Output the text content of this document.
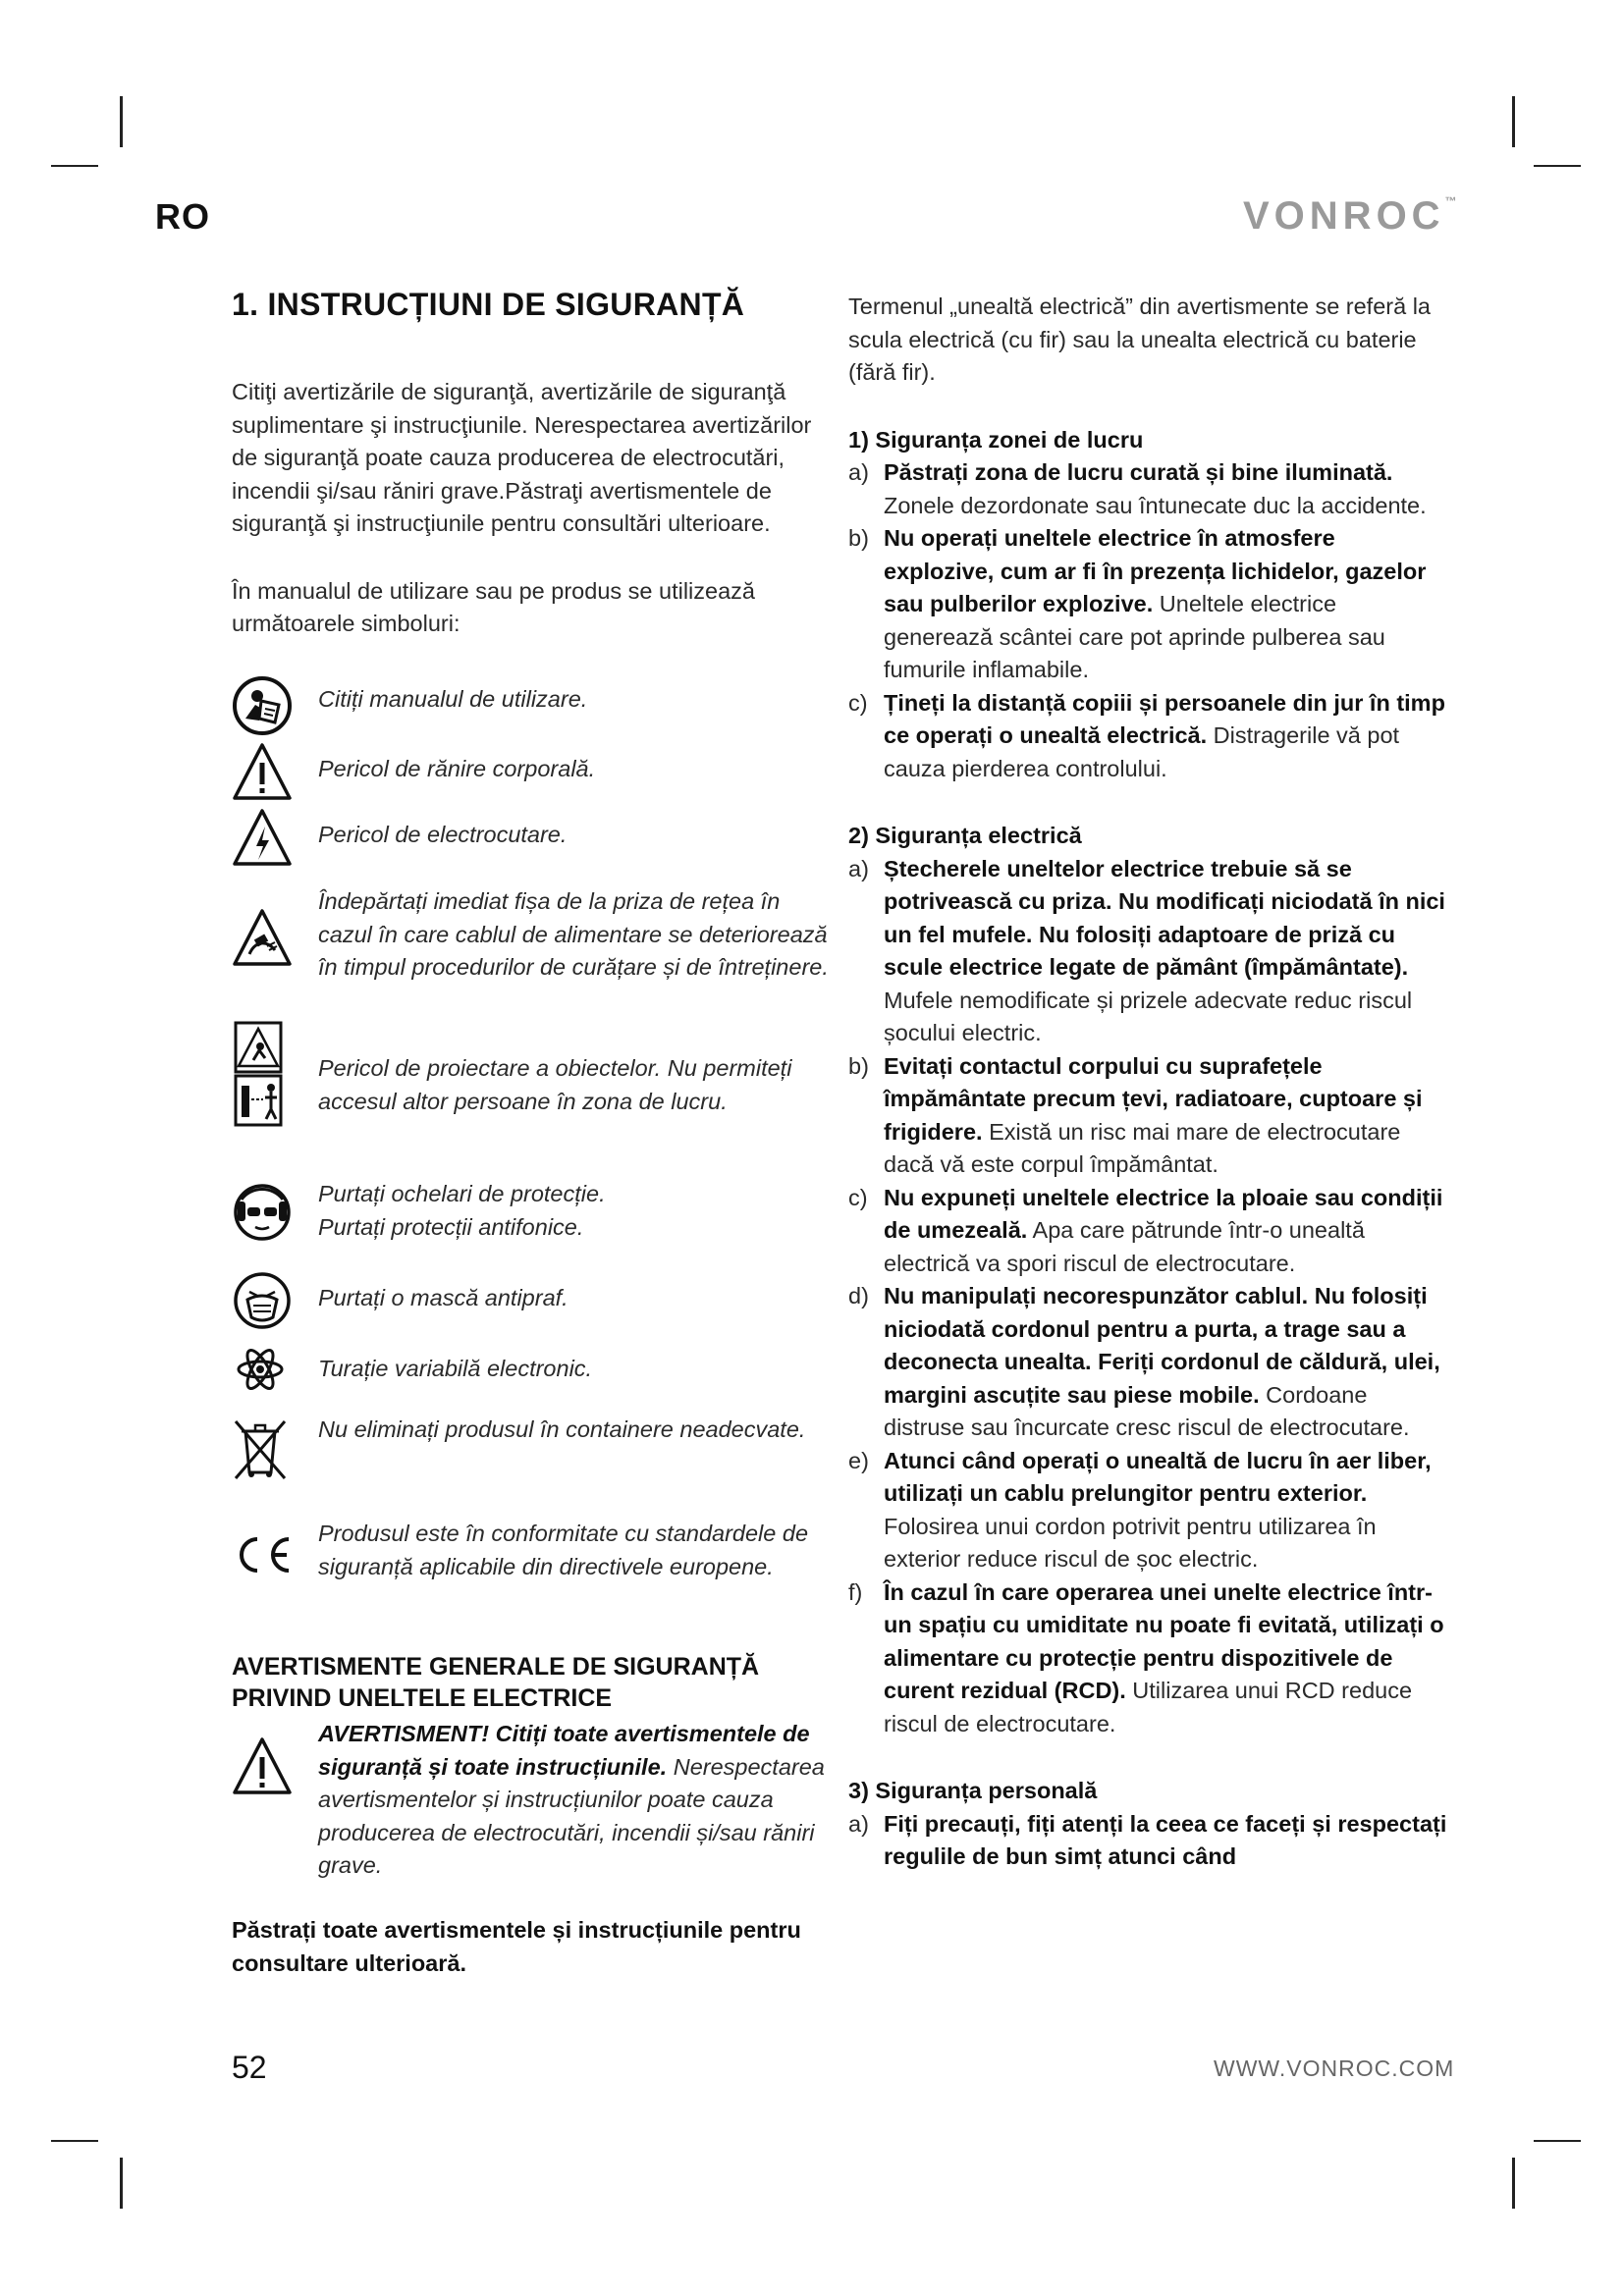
RO	VONROC™
1. INSTRUCȚIUNI DE SIGURANȚĂ

Citiţi avertizările de siguranţă, avertizările de siguranţă suplimentare şi instrucţiunile. Nerespectarea avertizărilor de siguranţă poate cauza producerea de electrocutări, incendii şi/sau răniri grave.Păstraţi avertismentele de siguranţă şi instrucţiunile pentru consultări ulterioare.

În manualul de utilizare sau pe produs se utilizează următoarele simboluri:

Citiți manualul de utilizare.
Pericol de rănire corporală.
Pericol de electrocutare.
Îndepărtați imediat fișa de la priza de rețea în cazul în care cablul de alimentare se deteriorează în timpul procedurilor de curățare și de întreținere.
Pericol de proiectare a obiectelor. Nu permiteți accesul altor persoane în zona de lucru.
Purtați ochelari de protecție.
Purtați protecții antifonice.
Purtați o mască antipraf.
Turație variabilă electronic.
Nu eliminați produsul în containere neadecvate.
Produsul este în conformitate cu standardele de siguranță aplicabile din directivele europene.
AVERTISMENTE GENERALE DE SIGURANȚĂ PRIVIND UNELTELE ELECTRICE
AVERTISMENT! Citiți toate avertismentele de siguranță și toate instrucțiunile. Nerespectarea avertismentelor și instrucțiunilor poate cauza producerea de electrocutări, incendii și/sau răniri grave.
Păstrați toate avertismentele și instrucțiunile pentru consultare ulterioară.

Termenul „unealtă electrică” din avertismente se referă la scula electrică (cu fir) sau la unealta electrică cu baterie (fără fir).

1) Siguranța zonei de lucru
a) Păstrați zona de lucru curată și bine iluminată. Zonele dezordonate sau întunecate duc la accidente.
b) Nu operați uneltele electrice în atmosfere explozive, cum ar fi în prezența lichidelor, gazelor sau pulberilor explozive. Uneltele electrice generează scântei care pot aprinde pulberea sau fumurile inflamabile.
c) Țineți la distanță copiii și persoanele din jur în timp ce operați o unealtă electrică. Distragerile vă pot cauza pierderea controlului.
2) Siguranța electrică
a) Ștecherele uneltelor electrice trebuie să se potrivească cu priza. Nu modificați niciodată în nici un fel mufele. Nu folosiți adaptoare de priză cu scule electrice legate de pământ (împământate). Mufele nemodificate și prizele adecvate reduc riscul șocului electric.
b) Evitați contactul corpului cu suprafețele împământate precum țevi, radiatoare, cuptoare și frigidere. Există un risc mai mare de electrocutare dacă vă este corpul împământat.
c) Nu expuneți uneltele electrice la ploaie sau condiții de umezeală. Apa care pătrunde într-o unealtă electrică va spori riscul de electrocutare.
d) Nu manipulați necorespunzător cablul. Nu folosiți niciodată cordonul pentru a purta, a trage sau a deconecta unealta. Feriți cordonul de căldură, ulei, margini ascuțite sau piese mobile. Cordoane distruse sau încurcate cresc riscul de electrocutare.
e) Atunci când operați o unealtă de lucru în aer liber, utilizați un cablu prelungitor pentru exterior. Folosirea unui cordon potrivit pentru utilizarea în exterior reduce riscul de șoc electric.
f) În cazul în care operarea unei unelte electrice într-un spațiu cu umiditate nu poate fi evitată, utilizați o alimentare cu protecție pentru dispozitivele de curent rezidual (RCD). Utilizarea unui RCD reduce riscul de electrocutare.
3) Siguranța personală
a) Fiți precauți, fiți atenți la ceea ce faceți și respectați regulile de bun simț atunci când
52	WWW.VONROC.COM
